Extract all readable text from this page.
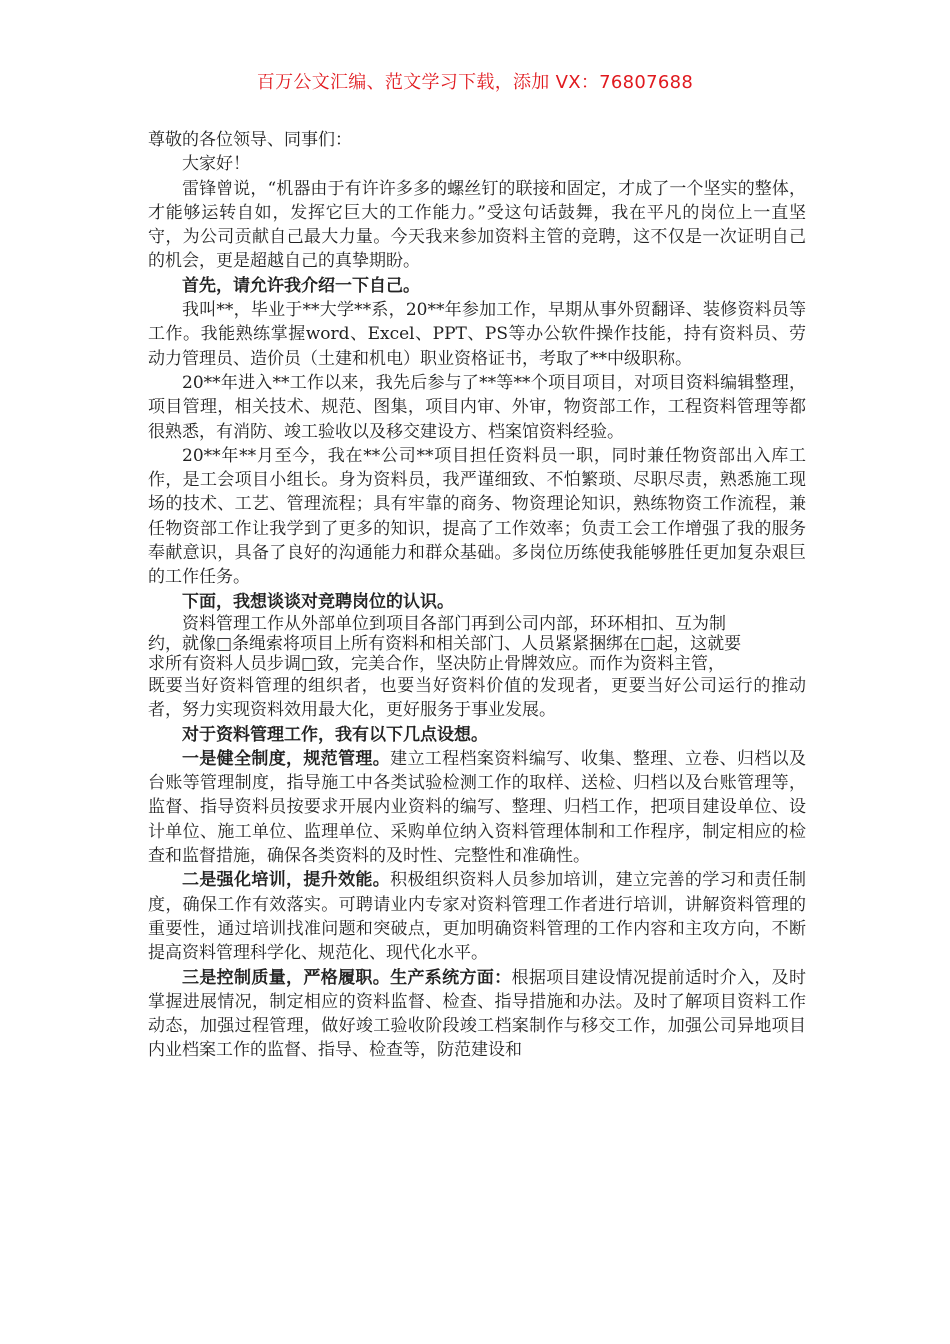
百万公文汇编、范文学习下载，添加 VX：76807688

尊敬的各位领导、同事们：

大家好！

雷锋曾说，“机器由于有许许多多的螺丝钉的联接和固定，才成了一个坚实的整体，才能够运转自如，发挥它巨大的工作能力。”受这句话鼓舞，我在平凡的岗位上一直坚守，为公司贡献自己最大力量。今天我来参加资料主管的竞聘，这不仅是一次证明自己的机会，更是超越自己的真挚期盼。

首先，请允许我介绍一下自己。

我叫**，毕业于**大学**系，20**年参加工作，早期从事外贸翻译、装修资料员等工作。我能熟练掌握word、Excel、PPT、PS等办公软件操作技能，持有资料员、劳动力管理员、造价员（土建和机电）职业资格证书，考取了**中级职称。

20**年进入**工作以来，我先后参与了**等**个项目项目，对项目资料编辑整理，项目管理，相关技术、规范、图集，项目内审、外审，物资部工作，工程资料管理等都很熟悉，有消防、竣工验收以及移交建设方、档案馆资料经验。

20**年**月至今，我在**公司**项目担任资料员一职，同时兼任物资部出入库工作，是工会项目小组长。身为资料员，我严谨细致、不怕繁琐、尽职尽责，熟悉施工现场的技术、工艺、管理流程；具有牢靠的商务、物资理论知识，熟练物资工作流程，兼任物资部工作让我学到了更多的知识，提高了工作效率；负责工会工作增强了我的服务奉献意识，具备了良好的沟通能力和群众基础。多岗位历练使我能够胜任更加复杂艰巨的工作任务。

下面，我想谈谈对竞聘岗位的认识。

资料管理工作从外部单位到项目各部门再到公司内部，环环相扣、互为制

约，就像□条绳索将项目上所有资料和相关部门、人员紧紧捆绑在□起，这就要

求所有资料人员步调□致，完美合作，坚决防止骨牌效应。而作为资料主管，

既要当好资料管理的组织者，也要当好资料价值的发现者，更要当好公司运行的推动者，努力实现资料效用最大化，更好服务于事业发展。

对于资料管理工作，我有以下几点设想。

一是健全制度，规范管理。建立工程档案资料编写、收集、整理、立卷、归档以及台账等管理制度，指导施工中各类试验检测工作的取样、送检、归档以及台账管理等，监督、指导资料员按要求开展内业资料的编写、整理、归档工作，把项目建设单位、设计单位、施工单位、监理单位、采购单位纳入资料管理体制和工作程序，制定相应的检查和监督措施，确保各类资料的及时性、完整性和准确性。

二是强化培训，提升效能。积极组织资料人员参加培训，建立完善的学习和责任制度，确保工作有效落实。可聘请业内专家对资料管理工作者进行培训，讲解资料管理的重要性，通过培训找准问题和突破点，更加明确资料管理的工作内容和主攻方向，不断提高资料管理科学化、规范化、现代化水平。

三是控制质量，严格履职。生产系统方面：根据项目建设情况提前适时介入，及时掌握进展情况，制定相应的资料监督、检查、指导措施和办法。及时了解项目资料工作动态，加强过程管理，做好竣工验收阶段竣工档案制作与移交工作，加强公司异地项目内业档案工作的监督、指导、检查等，防范建设和
